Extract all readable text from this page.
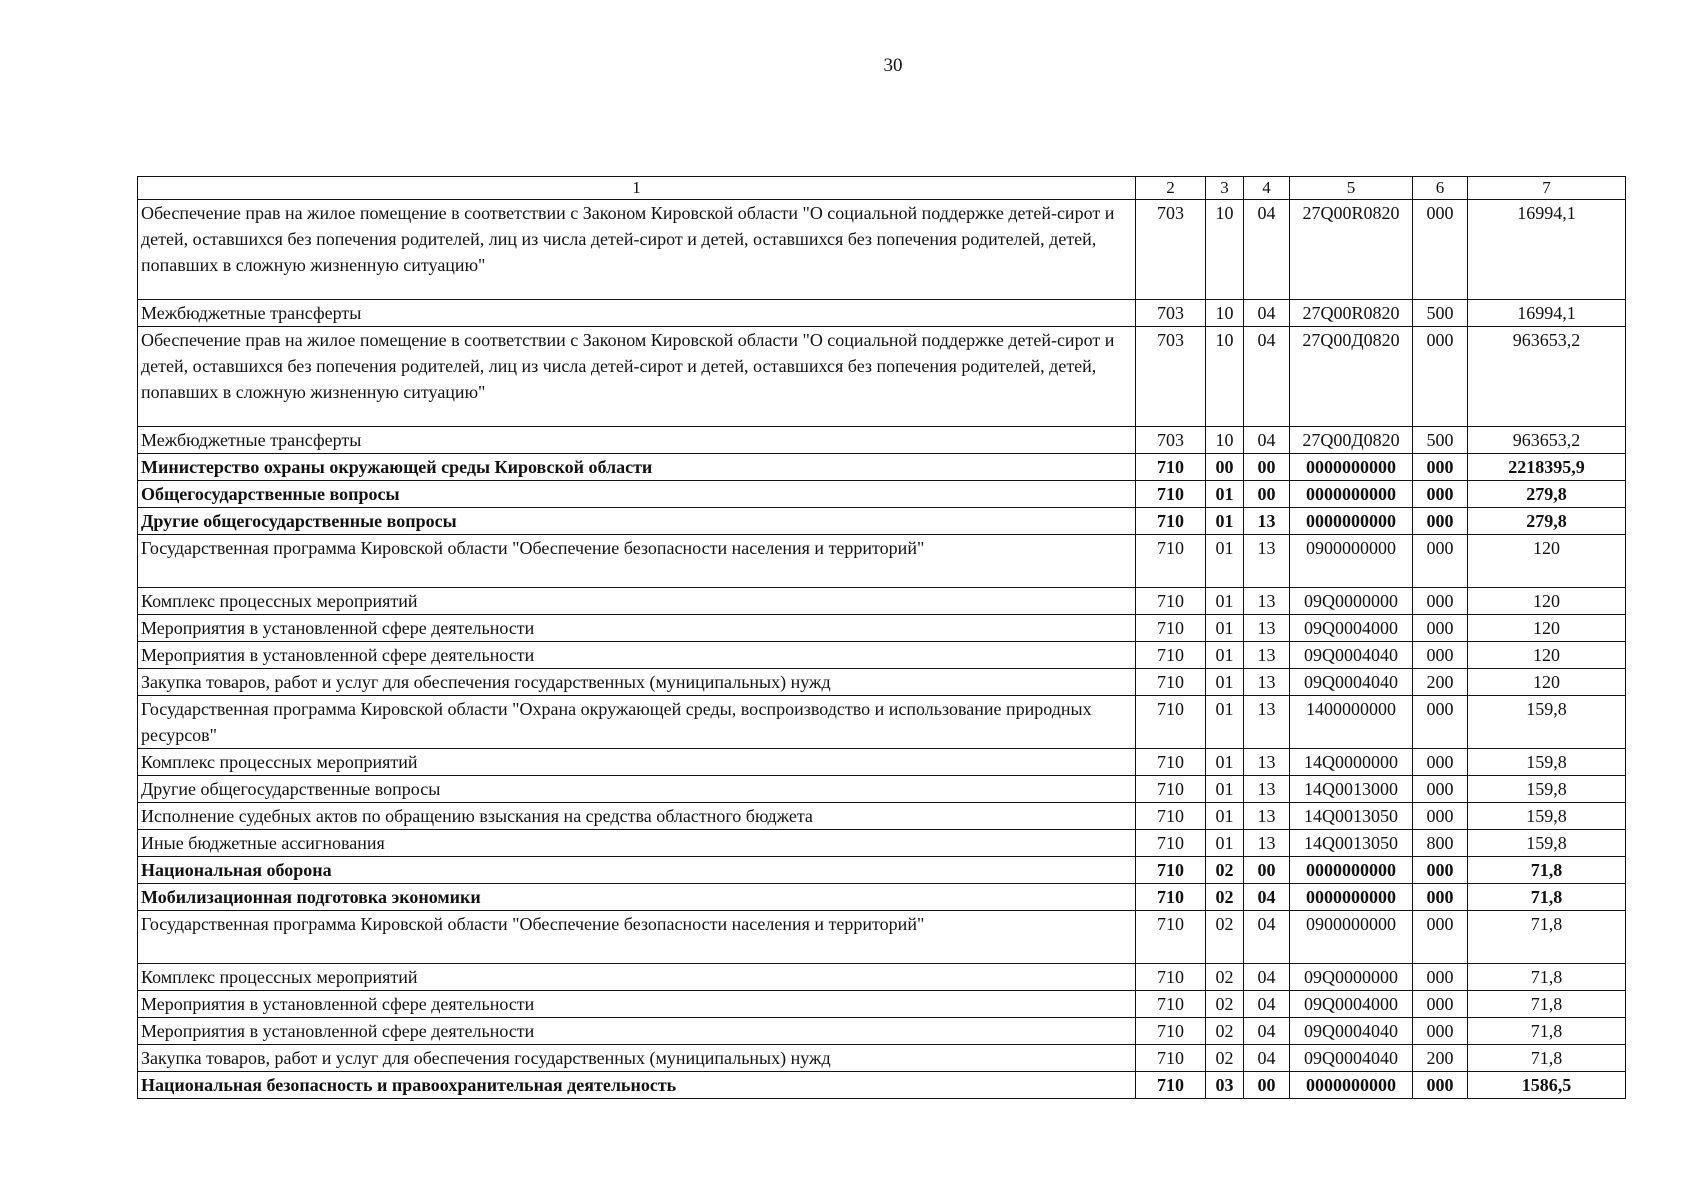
30
1	2	3	4	5	6	7
Обеспечение прав на жилое помещение в соответствии с Законом Кировской области "О социальной поддержке детей-сирот и детей, оставшихся без попечения родителей, лиц из числа детей-сирот и детей, оставшихся без попечения родителей, детей, попавших в сложную жизненную ситуацию"	703	10	04	27Q00R0820	000	16994,1
Межбюджетные трансферты	703	10	04	27Q00R0820	500	16994,1
Обеспечение прав на жилое помещение в соответствии с Законом Кировской области "О социальной поддержке детей-сирот и детей, оставшихся без попечения родителей, лиц из числа детей-сирот и детей, оставшихся без попечения родителей, детей, попавших в сложную жизненную ситуацию"	703	10	04	27Q00Д0820	000	963653,2
Межбюджетные трансферты	703	10	04	27Q00Д0820	500	963653,2
Министерство охраны окружающей среды Кировской области	710	00	00	0000000000	000	2218395,9
Общегосударственные вопросы	710	01	00	0000000000	000	279,8
Другие общегосударственные вопросы	710	01	13	0000000000	000	279,8
Государственная программа Кировской области "Обеспечение безопасности населения и территорий"	710	01	13	0900000000	000	120
Комплекс процессных мероприятий	710	01	13	09Q0000000	000	120
Мероприятия в установленной сфере деятельности	710	01	13	09Q0004000	000	120
Мероприятия в установленной сфере деятельности	710	01	13	09Q0004040	000	120
Закупка товаров, работ и услуг для обеспечения государственных (муниципальных) нужд	710	01	13	09Q0004040	200	120
Государственная программа Кировской области "Охрана окружающей среды, воспроизводство и использование природных ресурсов"	710	01	13	1400000000	000	159,8
Комплекс процессных мероприятий	710	01	13	14Q0000000	000	159,8
Другие общегосударственные вопросы	710	01	13	14Q0013000	000	159,8
Исполнение судебных актов по обращению взыскания на средства областного бюджета	710	01	13	14Q0013050	000	159,8
Иные бюджетные ассигнования	710	01	13	14Q0013050	800	159,8
Национальная оборона	710	02	00	0000000000	000	71,8
Мобилизационная подготовка экономики	710	02	04	0000000000	000	71,8
Государственная программа Кировской области "Обеспечение безопасности населения и территорий"	710	02	04	0900000000	000	71,8
Комплекс процессных мероприятий	710	02	04	09Q0000000	000	71,8
Мероприятия в установленной сфере деятельности	710	02	04	09Q0004000	000	71,8
Мероприятия в установленной сфере деятельности	710	02	04	09Q0004040	000	71,8
Закупка товаров, работ и услуг для обеспечения государственных (муниципальных) нужд	710	02	04	09Q0004040	200	71,8
Национальная безопасность и правоохранительная деятельность	710	03	00	0000000000	000	1586,5
